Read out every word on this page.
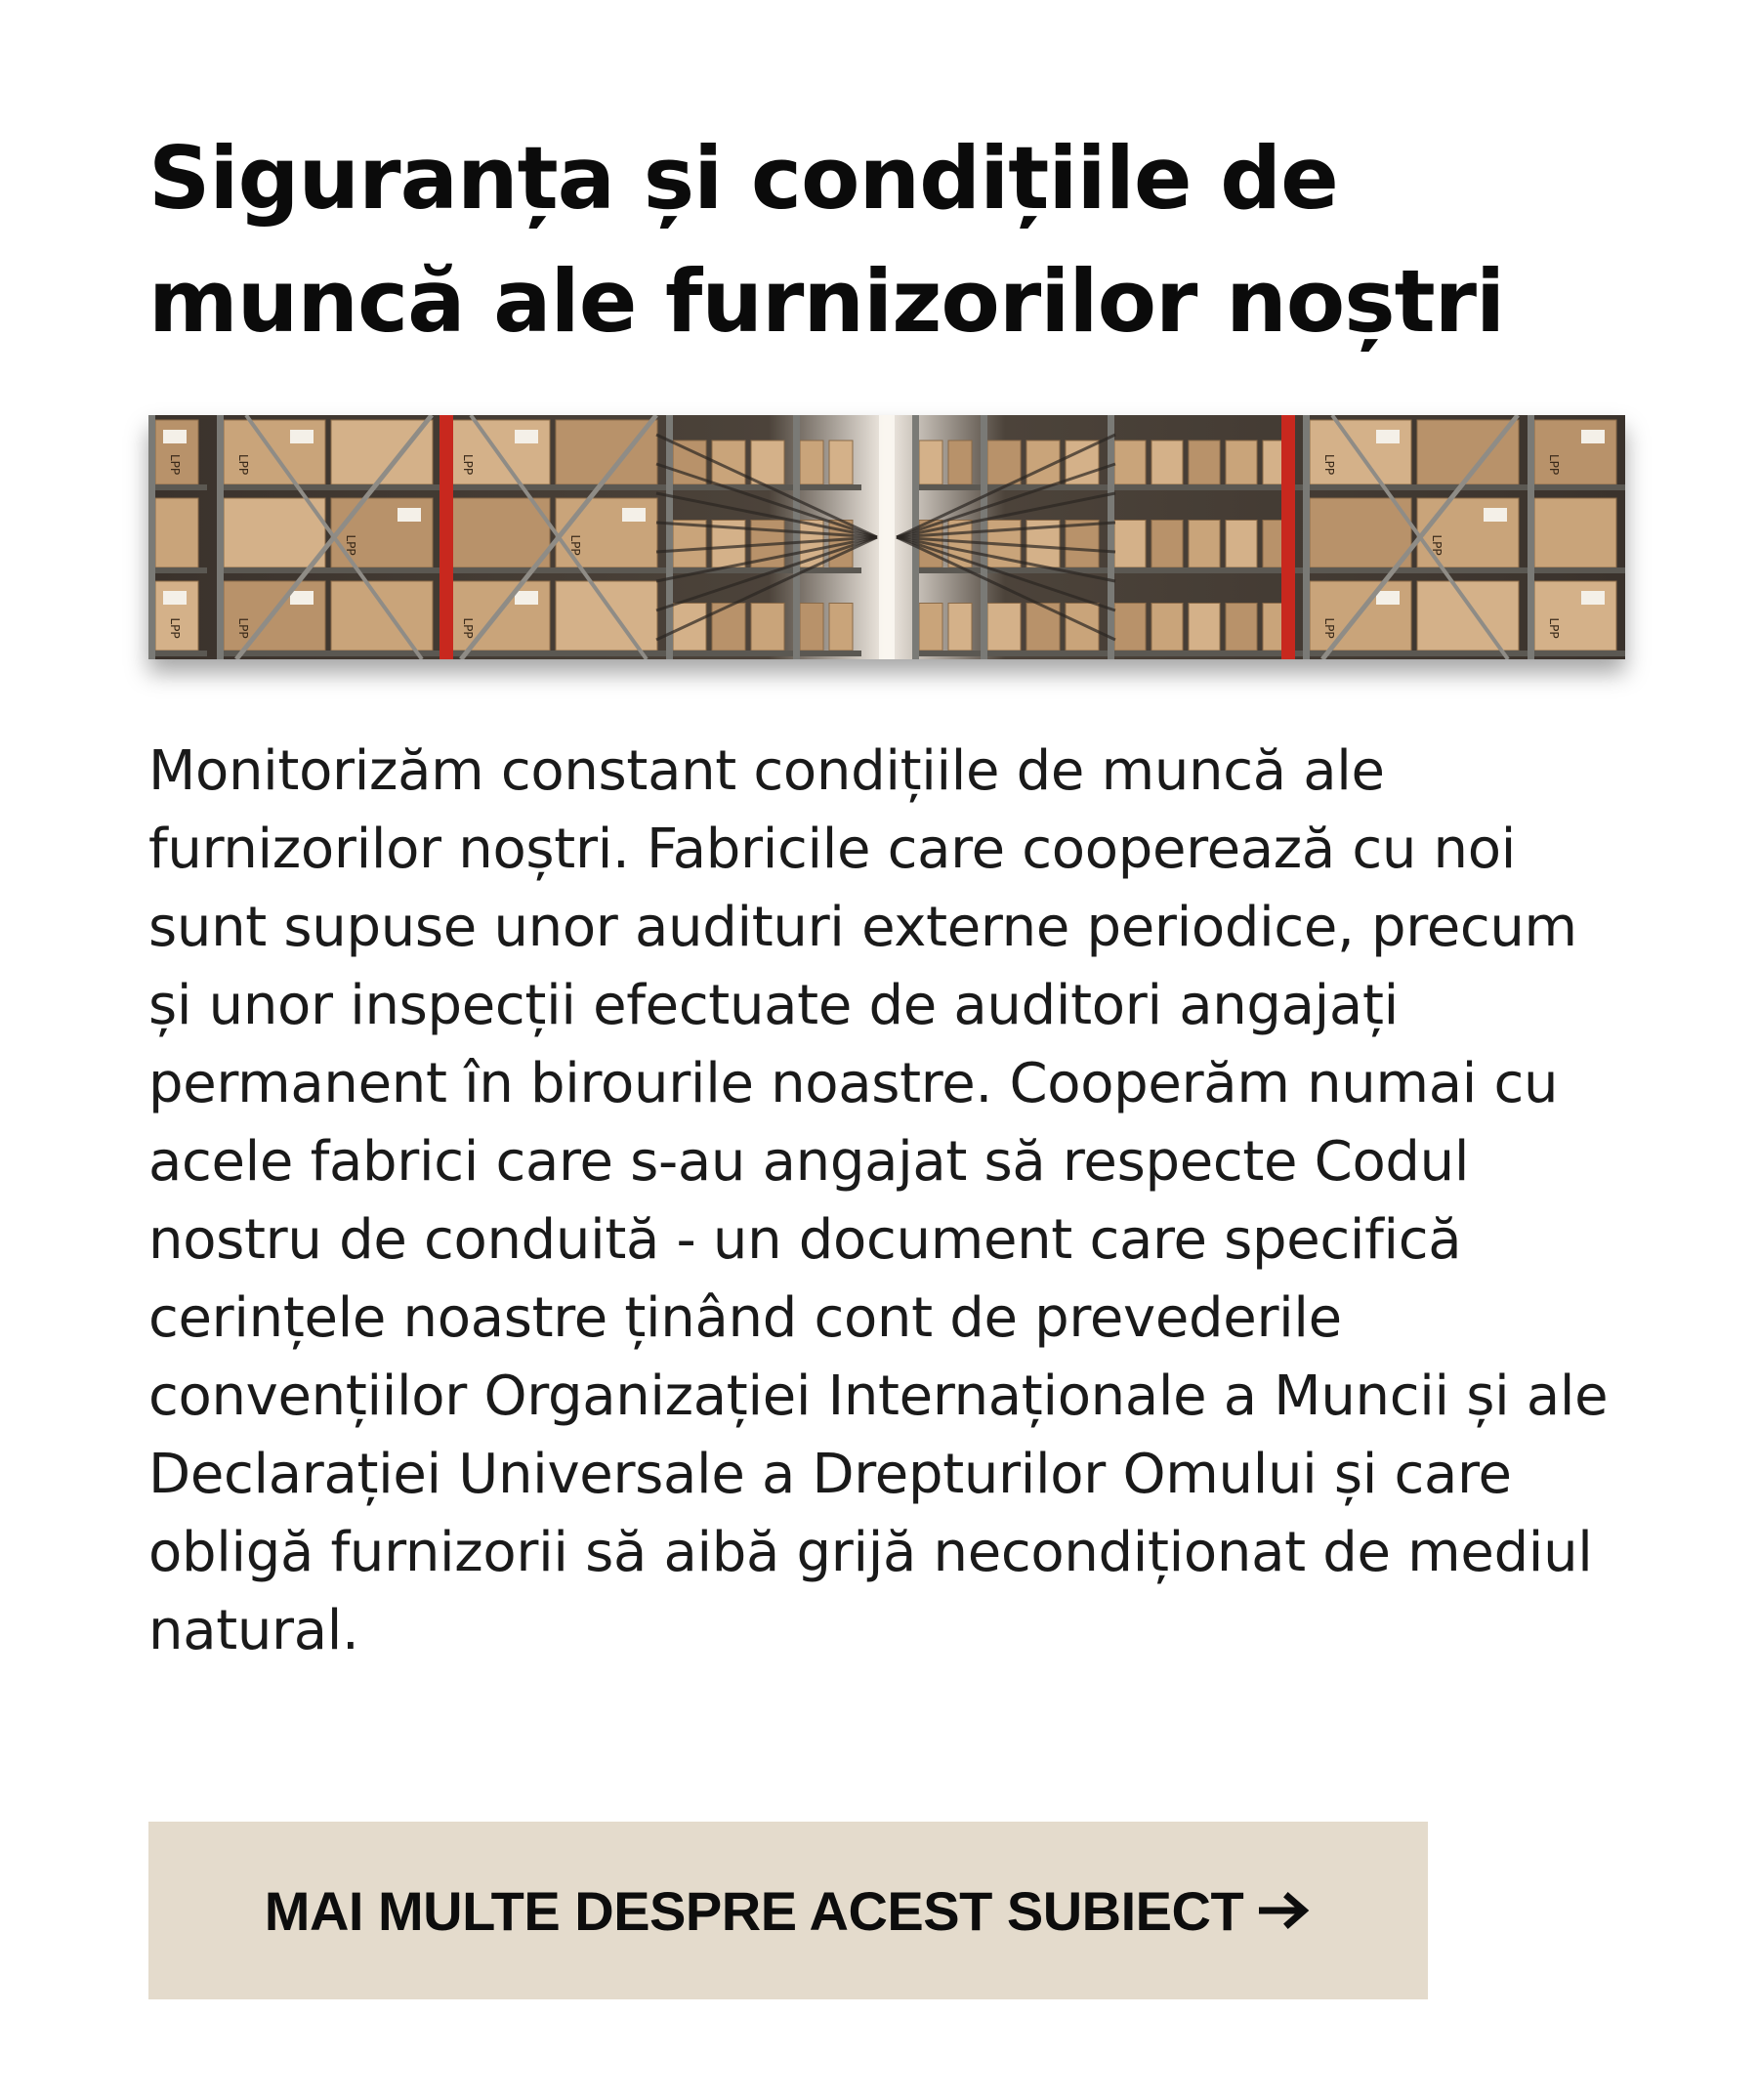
Siguranța și condițiile de muncă ale furnizorilor noștri
LPP
LPP
LPP
LPP
LPP
LPP
LPP
LPP
LPP
LPP
LPP
LPP
LPP

Monitorizăm constant condițiile de muncă ale furnizorilor noștri. Fabricile care cooperează cu noi sunt supuse unor audituri externe periodice, precum și unor inspecții efectuate de auditori angajați permanent în birourile noastre. Cooperăm numai cu acele fabrici care s-au angajat să respecte Codul nostru de conduită - un document care specifică cerințele noastre ținând cont de prevederile convențiilor Organizației Internaționale a Muncii și ale Declarației Universale a Drepturilor Omului și care obligă furnizorii să aibă grijă necondiționat de mediul natural.

MAI MULTE DESPRE ACEST SUBIECT
